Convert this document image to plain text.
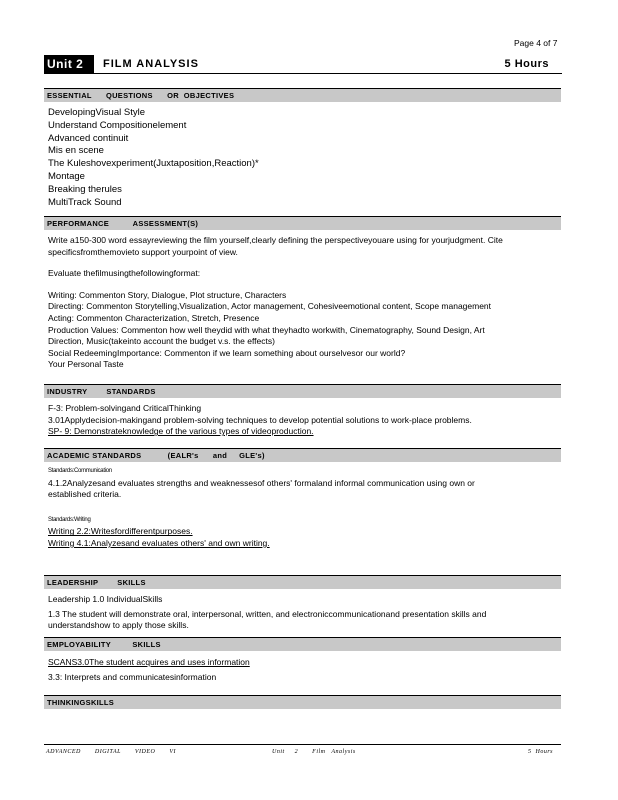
Page 4 of 7
Unit 2	FILM ANALYSIS	5 Hours
ESSENTIAL      QUESTIONS      OR  OBJECTIVES
DevelopingVisual Style
Understand Compositionelement
Advanced continuit
Mis en scene
The Kuleshovexperiment(Juxtaposition,Reaction)*
Montage
Breaking therules
MultiTrack Sound
PERFORMANCE          ASSESSMENT(S)
Write a150-300 word essayreviewing the film yourself,clearly defining the perspectiveyouare using for yourjudgment. Cite
specificsfromthemovieto support yourpoint of view.
Evaluate thefilmusingthefollowingformat:
Writing: Commenton Story, Dialogue, Plot structure, Characters
Directing: Commenton Storytelling,Visualization, Actor management, Cohesiveemotional content, Scope management
Acting: Commenton Characterization, Stretch, Presence
Production Values: Commenton how well theydid with what theyhadto workwith, Cinematography, Sound Design, Art
Direction, Music(takeinto account the budget v.s. the effects)
Social RedeemingImportance: Commenton if we learn something about ourselvesor our world?
Your Personal Taste
INDUSTRY        STANDARDS
F-3: Problem-solvingand CriticalThinking
3.01Applydecision-makingand problem-solving techniques to develop potential solutions to work-place problems.
SP- 9: Demonstrateknowledge of the various types of videoproduction.
ACADEMIC STANDARDS           (EALR's      and     GLE's)
Standards:Communication
4.1.2Analyzesand evaluates strengths and weaknessesof others' formaland informal communication using own or
established criteria.
Standards:Writing
Writing 2.2:Writesfordifferentpurposes.
Writing 4.1:Analyzesand evaluates others' and own writing.
LEADERSHIP        SKILLS
Leadership 1.0 IndividualSkills
1.3 The student will demonstrate oral, interpersonal, written, and electroniccommunicationand presentation skills and
understandshow to apply those skills.
EMPLOYABILITY         SKILLS
SCANS3.0The student acquires and uses information
3.3: Interprets and communicatesinformation
THINKINGSKILLS
ADVANCED       DIGITAL       VIDEO       VI	Unit     2       Film   Analysis	5  Hours
